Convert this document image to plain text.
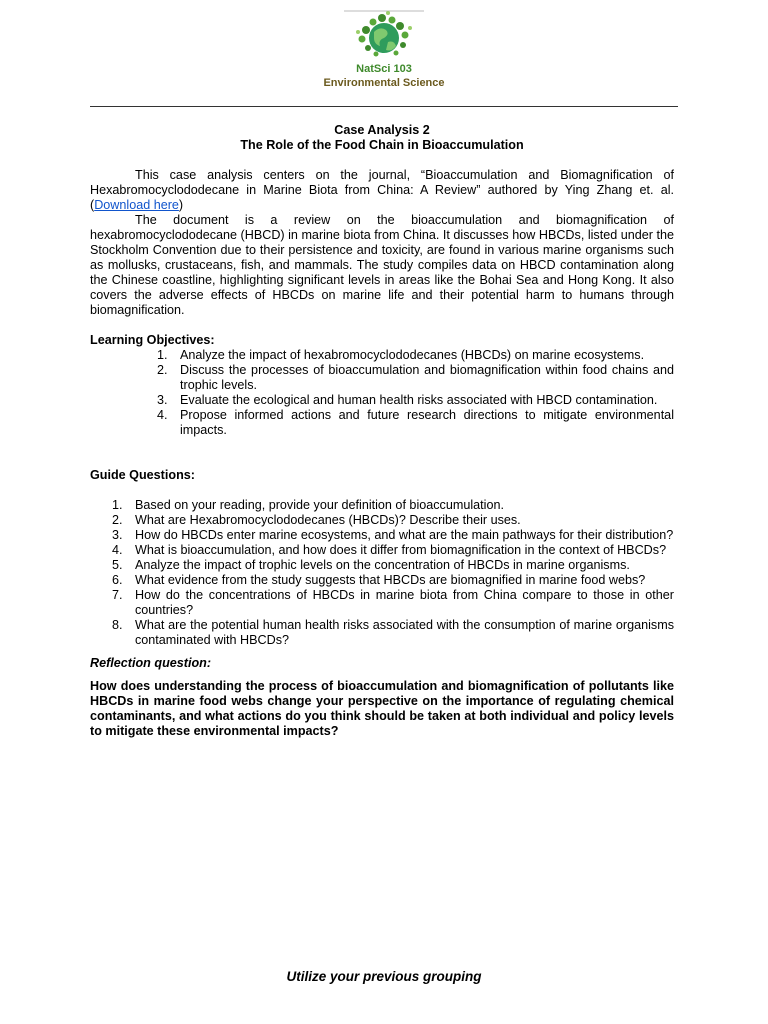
NatSci 103
Environmental Science
Case Analysis 2
The Role of the Food Chain in Bioaccumulation

This case analysis centers on the journal, “Bioaccumulation and Biomagnification of Hexabromocyclododecane in Marine Biota from China: A Review” authored by Ying Zhang et. al. (Download here)

The document is a review on the bioaccumulation and biomagnification of hexabromocyclododecane (HBCD) in marine biota from China. It discusses how HBCDs, listed under the Stockholm Convention due to their persistence and toxicity, are found in various marine organisms such as mollusks, crustaceans, fish, and mammals. The study compiles data on HBCD contamination along the Chinese coastline, highlighting significant levels in areas like the Bohai Sea and Hong Kong. It also covers the adverse effects of HBCDs on marine life and their potential harm to humans through biomagnification.

Learning Objectives:
1. Analyze the impact of hexabromocyclododecanes (HBCDs) on marine ecosystems.
2. Discuss the processes of bioaccumulation and biomagnification within food chains and trophic levels.
3. Evaluate the ecological and human health risks associated with HBCD contamination.
4. Propose informed actions and future research directions to mitigate environmental impacts.
Guide Questions:
1. Based on your reading, provide your definition of bioaccumulation.
2. What are Hexabromocyclododecanes (HBCDs)? Describe their uses.
3. How do HBCDs enter marine ecosystems, and what are the main pathways for their distribution?
4. What is bioaccumulation, and how does it differ from biomagnification in the context of HBCDs?
5. Analyze the impact of trophic levels on the concentration of HBCDs in marine organisms.
6. What evidence from the study suggests that HBCDs are biomagnified in marine food webs?
7. How do the concentrations of HBCDs in marine biota from China compare to those in other countries?
8. What are the potential human health risks associated with the consumption of marine organisms contaminated with HBCDs?
Reflection question:

How does understanding the process of bioaccumulation and biomagnification of pollutants like HBCDs in marine food webs change your perspective on the importance of regulating chemical contaminants, and what actions do you think should be taken at both individual and policy levels to mitigate these environmental impacts?

Utilize your previous grouping
